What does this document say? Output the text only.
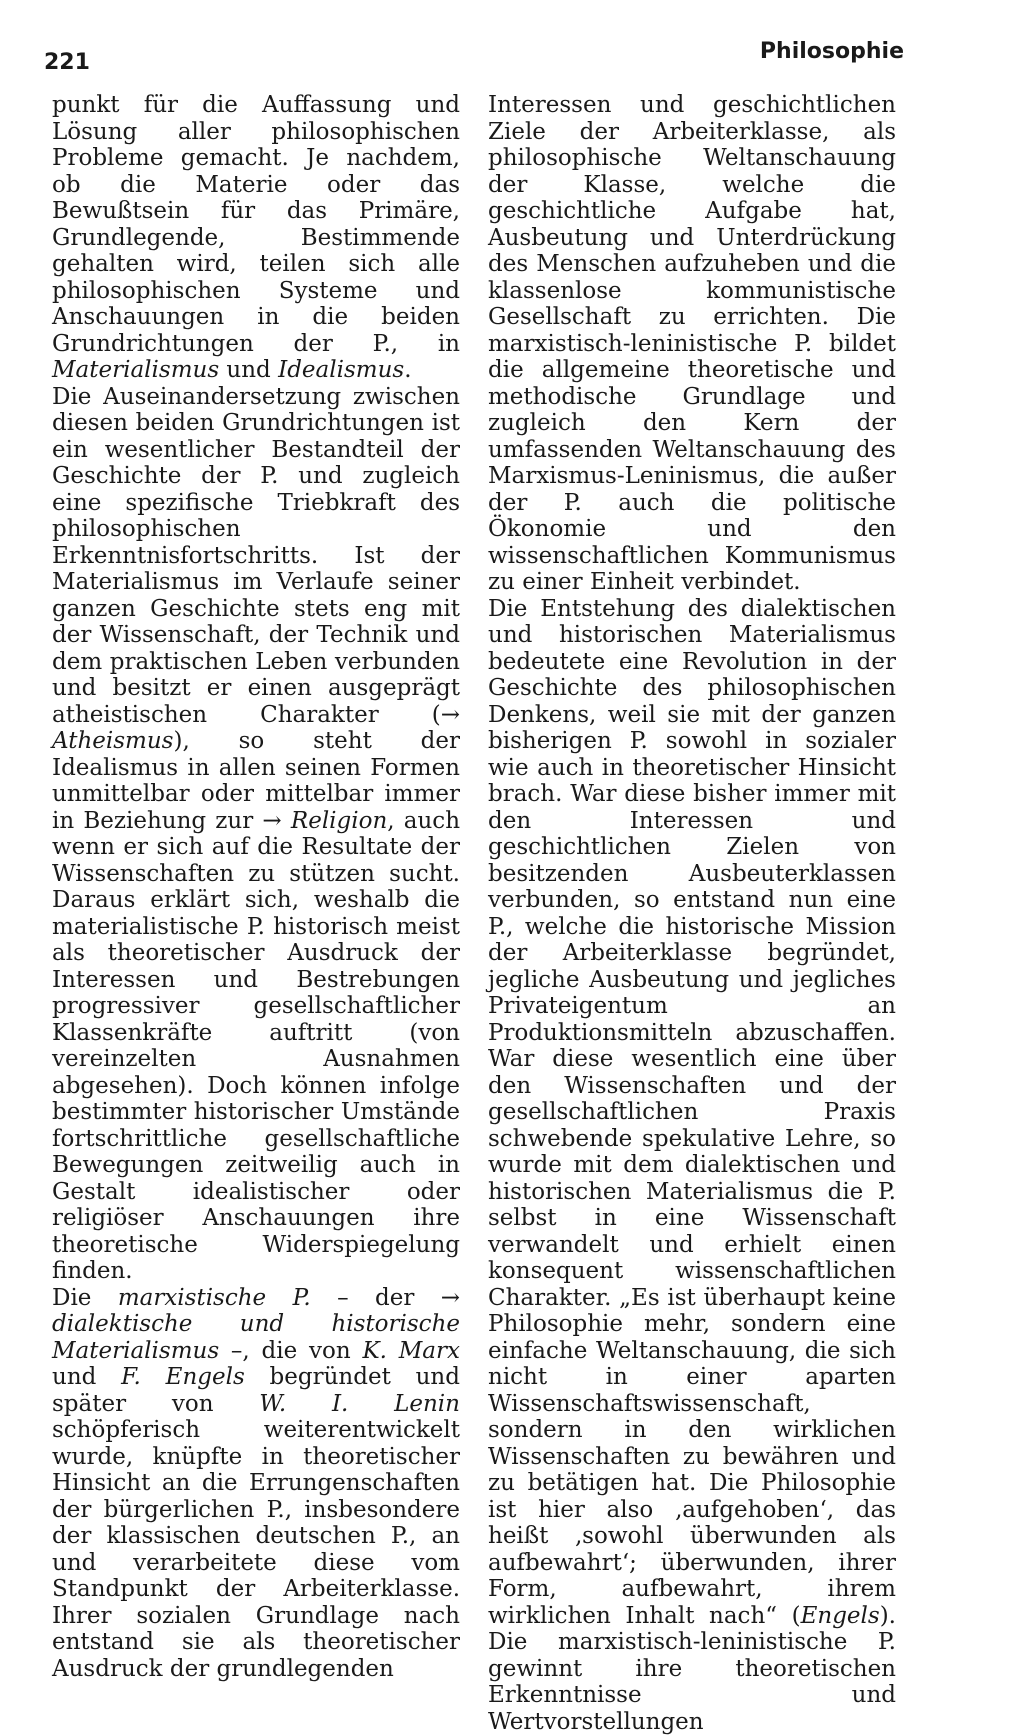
221	Philosophie

punkt für die Auffassung und Lösung aller philosophischen Probleme gemacht. Je nachdem, ob die Materie oder das Bewußtsein für das Primäre, Grundlegende, Bestimmende gehalten wird, teilen sich alle philosophischen Systeme und Anschauungen in die beiden Grundrichtungen der P., in Materialismus und Idealismus.

Die Auseinandersetzung zwischen diesen beiden Grundrichtungen ist ein wesentlicher Bestandteil der Geschichte der P. und zugleich eine spezifische Triebkraft des philosophischen Erkenntnisfortschritts. Ist der Materialismus im Verlaufe seiner ganzen Geschichte stets eng mit der Wissenschaft, der Technik und dem praktischen Leben verbunden und besitzt er einen ausgeprägt atheistischen Charakter (→ Atheismus), so steht der Idealismus in allen seinen Formen unmittelbar oder mittelbar immer in Beziehung zur → Religion, auch wenn er sich auf die Resultate der Wissenschaften zu stützen sucht. Daraus erklärt sich, weshalb die materialistische P. historisch meist als theoretischer Ausdruck der Interessen und Bestrebungen progressiver gesellschaftlicher Klassenkräfte auftritt (von vereinzelten Ausnahmen abgesehen). Doch können infolge bestimmter historischer Umstände fortschrittliche gesellschaftliche Bewegungen zeitweilig auch in Gestalt idealistischer oder religiöser Anschauungen ihre theoretische Widerspiegelung finden.

Die marxistische P. – der → dialektische und historische Materialismus –, die von K. Marx und F. Engels begründet und später von W. I. Lenin schöpferisch weiterentwickelt wurde, knüpfte in theoretischer Hinsicht an die Errungenschaften der bürgerlichen P., insbesondere der klassischen deutschen P., an und verarbeitete diese vom Standpunkt der Arbeiterklasse. Ihrer sozialen Grundlage nach entstand sie als theoretischer Ausdruck der grundlegenden

Interessen und geschichtlichen Ziele der Arbeiterklasse, als philosophische Weltanschauung der Klasse, welche die geschichtliche Aufgabe hat, Ausbeutung und Unterdrückung des Menschen aufzuheben und die klassenlose kommunistische Gesellschaft zu errichten. Die marxistisch-leninistische P. bildet die allgemeine theoretische und methodische Grundlage und zugleich den Kern der umfassenden Weltanschauung des Marxismus-Leninismus, die außer der P. auch die politische Ökonomie und den wissenschaftlichen Kommunismus zu einer Einheit verbindet.

Die Entstehung des dialektischen und historischen Materialismus bedeutete eine Revolution in der Geschichte des philosophischen Denkens, weil sie mit der ganzen bisherigen P. sowohl in sozialer wie auch in theoretischer Hinsicht brach. War diese bisher immer mit den Interessen und geschichtlichen Zielen von besitzenden Ausbeuterklassen verbunden, so entstand nun eine P., welche die historische Mission der Arbeiterklasse begründet, jegliche Ausbeutung und jegliches Privateigentum an Produktionsmitteln abzuschaffen. War diese wesentlich eine über den Wissenschaften und der gesellschaftlichen Praxis schwebende spekulative Lehre, so wurde mit dem dialektischen und historischen Materialismus die P. selbst in eine Wissenschaft verwandelt und erhielt einen konsequent wissenschaftlichen Charakter. „Es ist überhaupt keine Philosophie mehr, sondern eine einfache Weltanschauung, die sich nicht in einer aparten Wissenschaftswissenschaft, sondern in den wirklichen Wissenschaften zu bewähren und zu betätigen hat. Die Philosophie ist hier also ‚aufgehoben‘, das heißt ‚sowohl überwunden als aufbewahrt‘; überwunden, ihrer Form, aufbewahrt, ihrem wirklichen Inhalt nach“ (Engels). Die marxistisch-leninistische P. gewinnt ihre theoretischen Erkenntnisse und Wertvorstellungen
